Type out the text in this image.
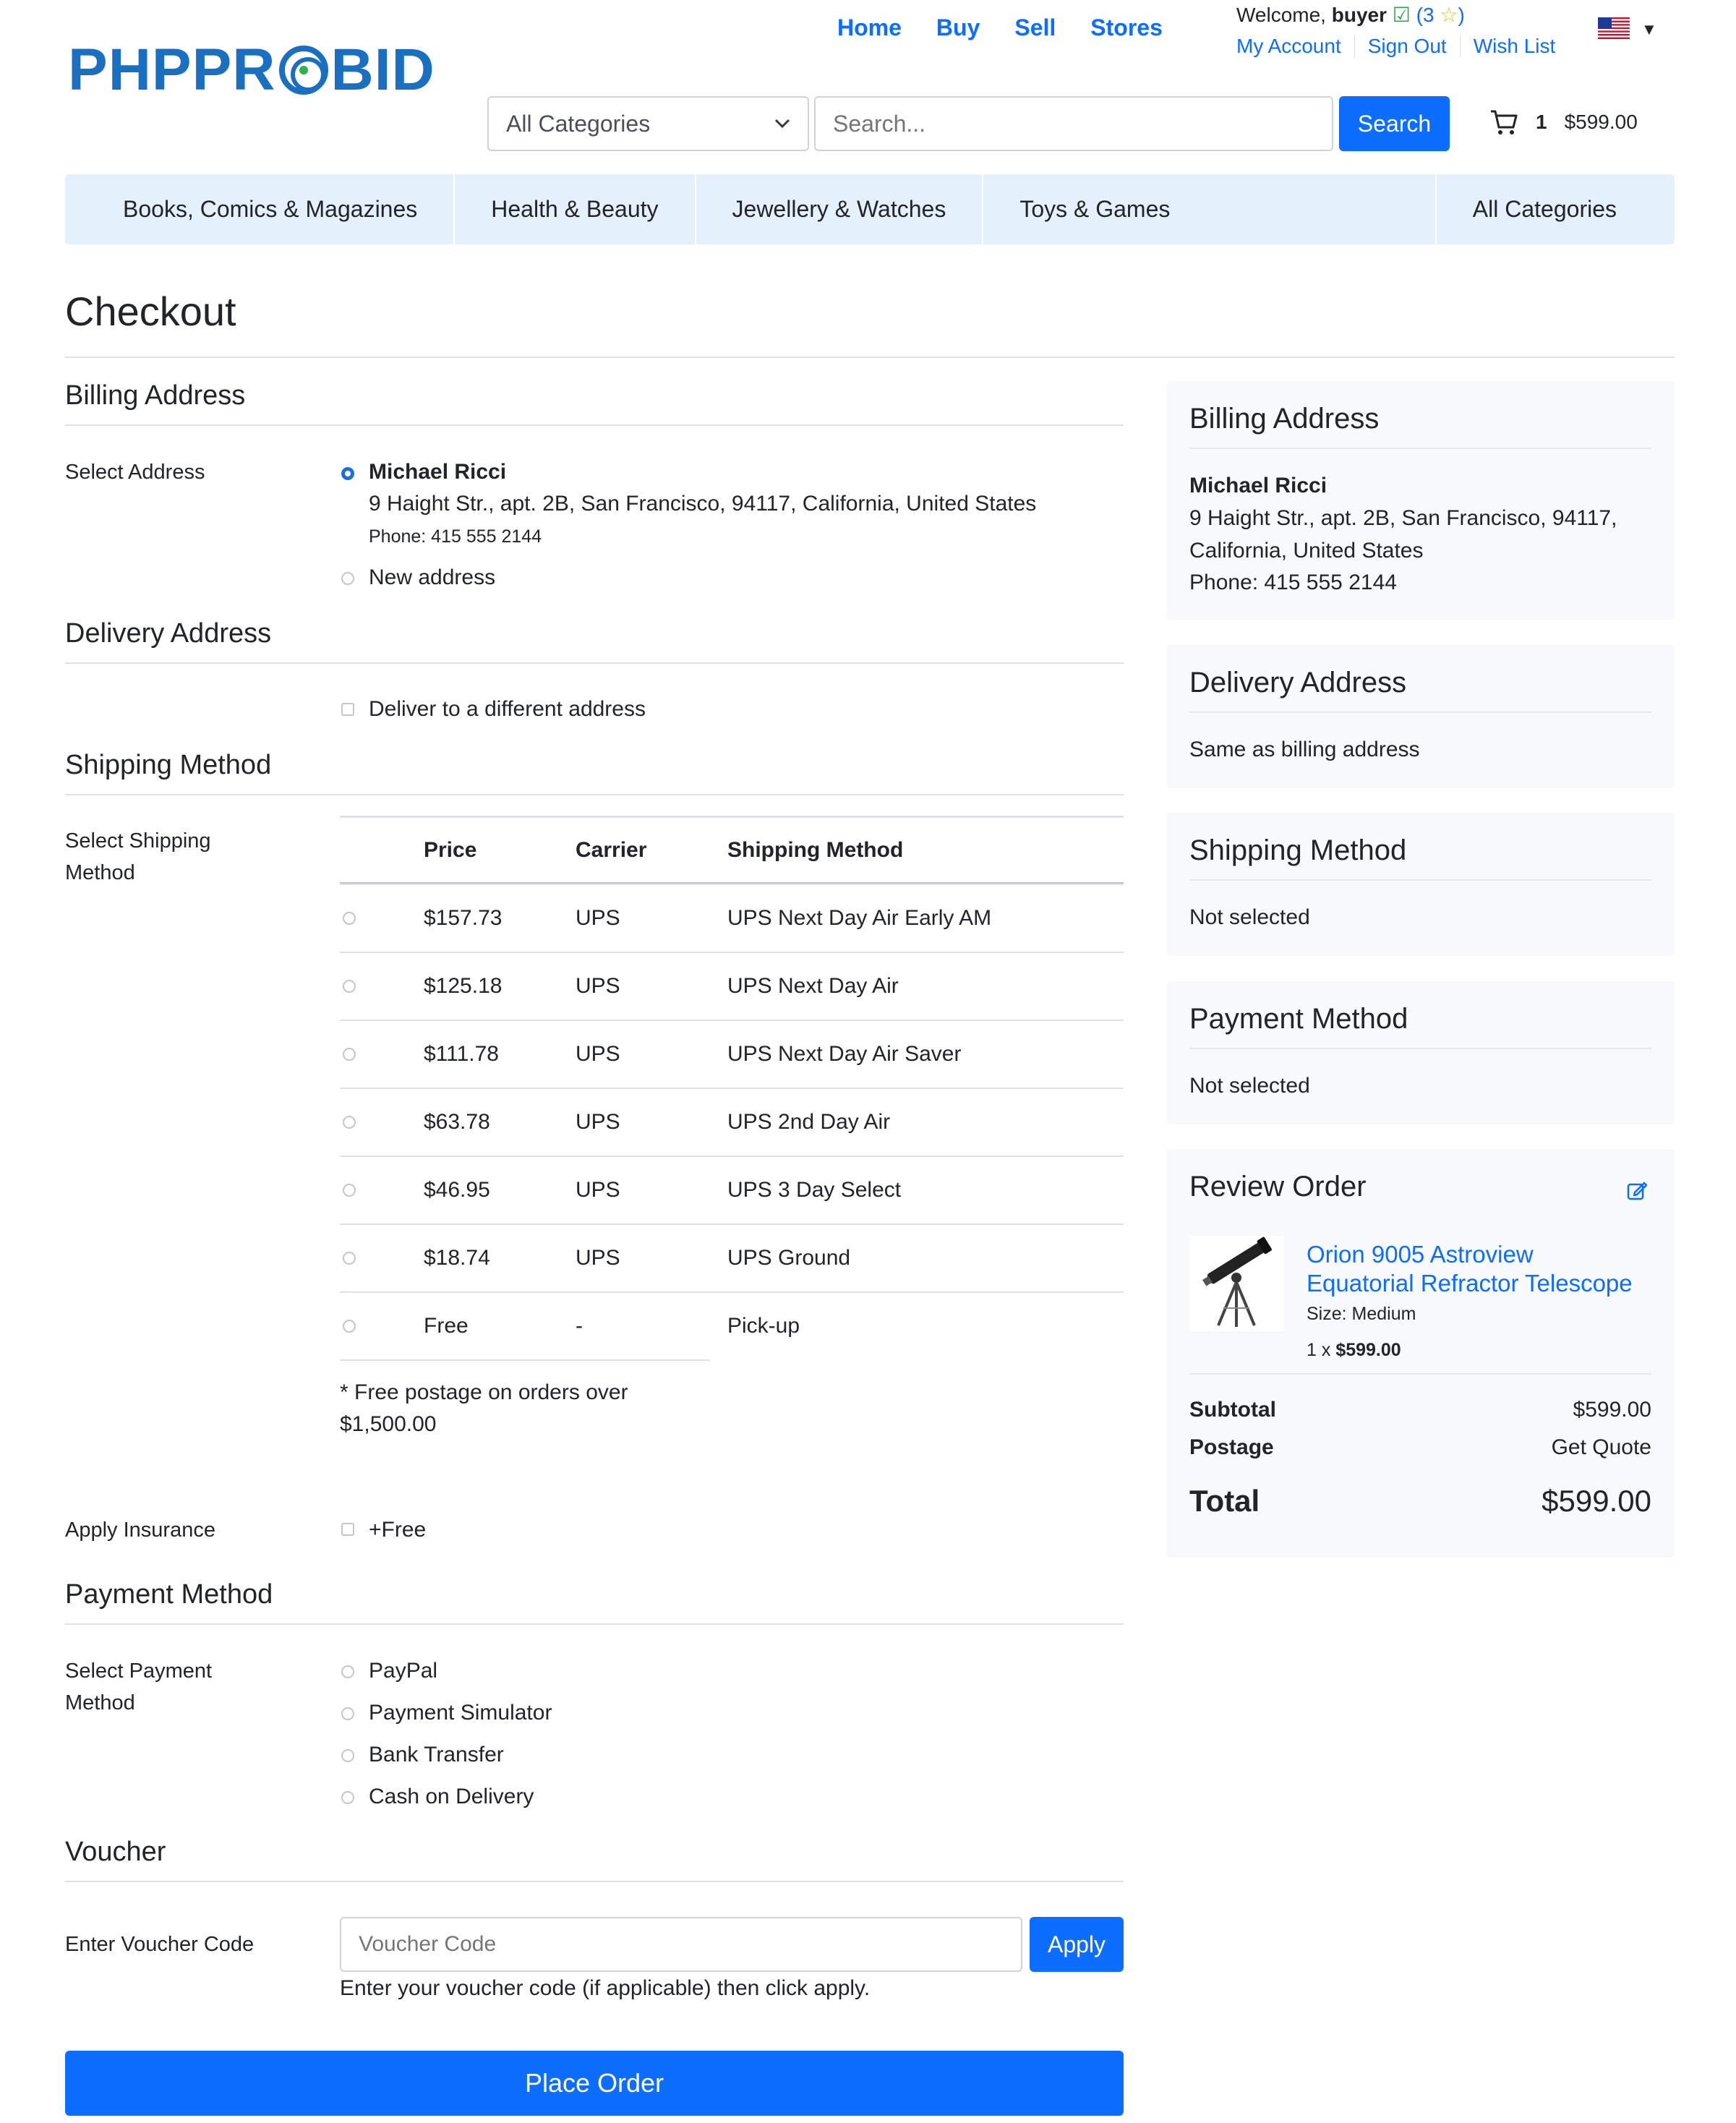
PHPPR BID
Home Buy Sell Stores	Welcome, buyer ☑ (3 ☆)
My Account	Sign Out	Wish List
▼
All Categories
Search...	Search	1 $599.00
Books, Comics & Magazines	Health & Beauty	Jewellery & Watches	Toys & Games	All Categories
Checkout
Billing Address
Select Address	Michael Ricci
9 Haight Str., apt. 2B, San Francisco, 94117, California, United States
Phone: 415 555 2144
New address
Delivery Address
Deliver to a different address
Shipping Method
Select Shipping Method
Price	Carrier	Shipping Method
$157.73	UPS	UPS Next Day Air Early AM
$125.18	UPS	UPS Next Day Air
$111.78	UPS	UPS Next Day Air Saver
$63.78	UPS	UPS 2nd Day Air
$46.95	UPS	UPS 3 Day Select
$18.74	UPS	UPS Ground
Free	-	Pick-up
* Free postage on orders over
$1,500.00
Apply Insurance	+Free
Payment Method
Select Payment Method
PayPal
Payment Simulator
Bank Transfer
Cash on Delivery
Voucher
Enter Voucher Code
Voucher Code	Apply
Enter your voucher code (if applicable) then click apply.
Place Order
Billing Address
Michael Ricci
9 Haight Str., apt. 2B, San Francisco, 94117,
California, United States
Phone: 415 555 2144
Delivery Address
Same as billing address
Shipping Method
Not selected
Payment Method
Not selected
Review Order
Orion 9005 Astroview
Equatorial Refractor Telescope
Size: Medium
1 x $599.00
Subtotal	$599.00
Postage	Get Quote
Total	$599.00
